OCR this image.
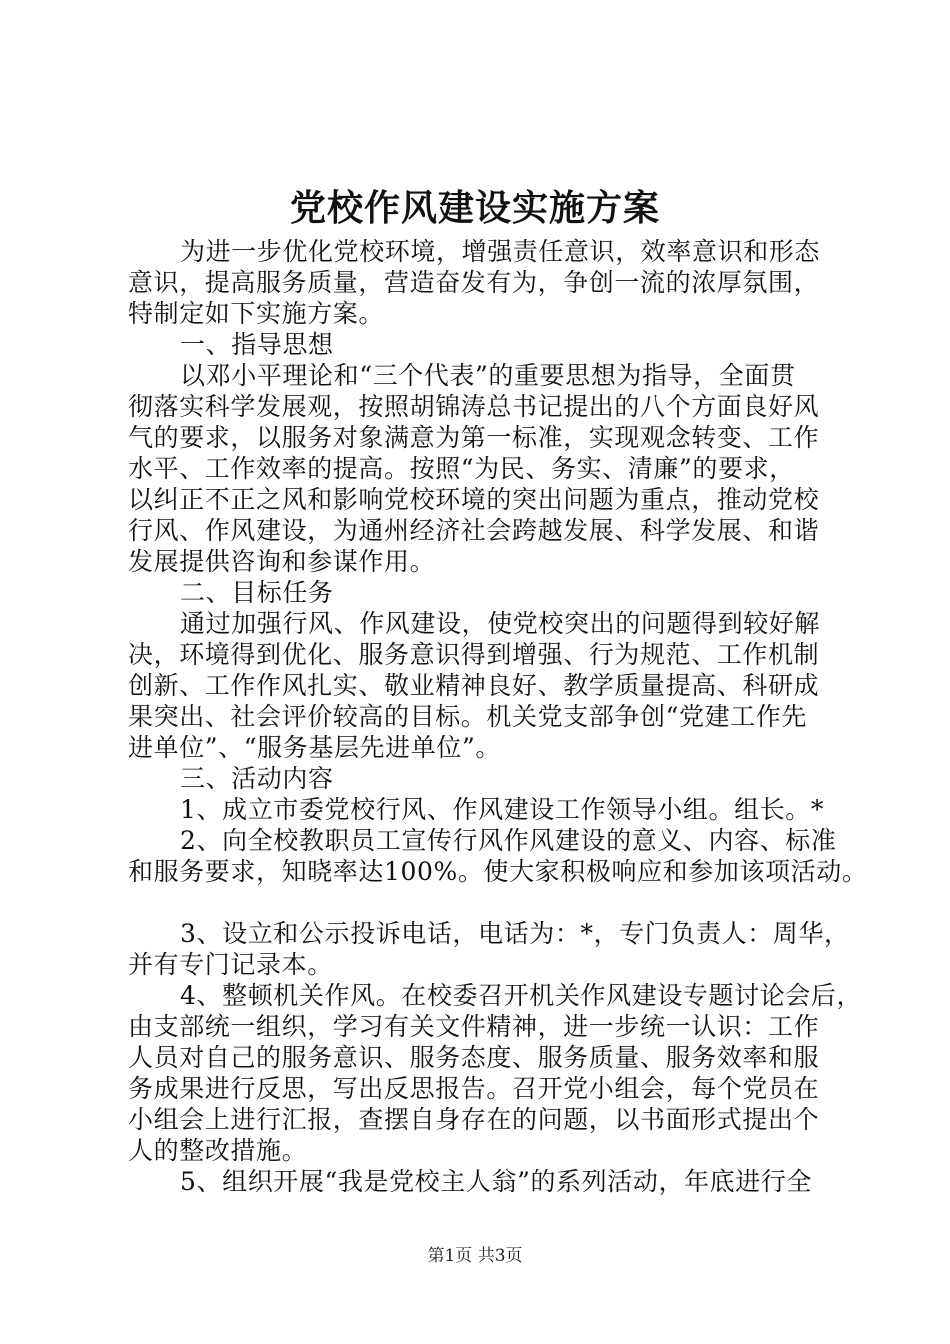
党校作风建设实施方案
为进一步优化党校环境，增强责任意识，效率意识和形态
意识，提高服务质量，营造奋发有为，争创一流的浓厚氛围，
特制定如下实施方案。
一、指导思想
以邓小平理论和“三个代表”的重要思想为指导，全面贯
彻落实科学发展观，按照胡锦涛总书记提出的八个方面良好风
气的要求，以服务对象满意为第一标准，实现观念转变、工作
水平、工作效率的提高。按照“为民、务实、清廉”的要求，
以纠正不正之风和影响党校环境的突出问题为重点，推动党校
行风、作风建设，为通州经济社会跨越发展、科学发展、和谐
发展提供咨询和参谋作用。
二、目标任务
通过加强行风、作风建设，使党校突出的问题得到较好解
决，环境得到优化、服务意识得到增强、行为规范、工作机制
创新、工作作风扎实、敬业精神良好、教学质量提高、科研成
果突出、社会评价较高的目标。机关党支部争创“党建工作先
进单位”、“服务基层先进单位”。
三、活动内容
1、成立市委党校行风、作风建设工作领导小组。组长。*
2、向全校教职员工宣传行风作风建设的意义、内容、标准
和服务要求，知晓率达100%。使大家积极响应和参加该项活动。
3、设立和公示投诉电话，电话为：*，专门负责人：周华，
并有专门记录本。
4、整顿机关作风。在校委召开机关作风建设专题讨论会后，
由支部统一组织，学习有关文件精神，进一步统一认识：工作
人员对自己的服务意识、服务态度、服务质量、服务效率和服
务成果进行反思，写出反思报告。召开党小组会，每个党员在
小组会上进行汇报，查摆自身存在的问题，以书面形式提出个
人的整改措施。
5、组织开展“我是党校主人翁”的系列活动，年底进行全
第1页 共3页
